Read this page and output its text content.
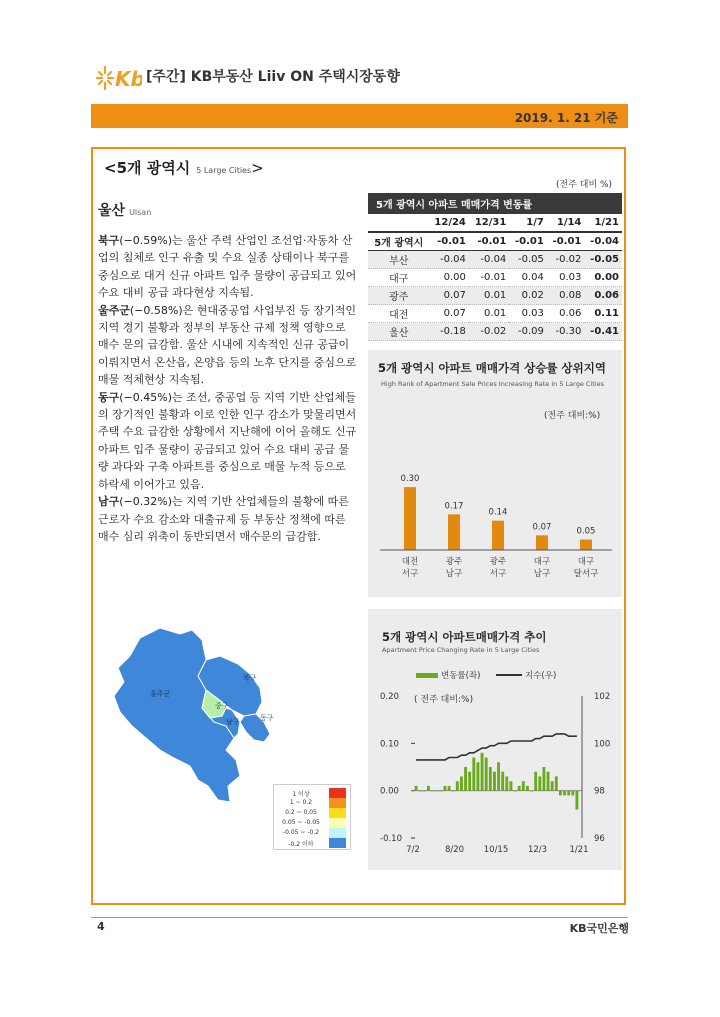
Kb [주간] KB부동산 Liiv ON 주택시장동향
2019. 1. 21 기준
<5개 광역시 5 Large Cities>
울산 Ulsan

북구(−0.59%)는 울산 주력 산업인 조선업·자동차 산업의 침체로 인구 유출 및 수요 실종 상태이나 북구를 중심으로 대거 신규 아파트 입주 물량이 공급되고 있어 수요 대비 공급 과다현상 지속됨.

울주군(−0.58%)은 현대중공업 사업부진 등 장기적인 지역 경기 불황과 정부의 부동산 규제 정책 영향으로 매수 문의 급감함. 울산 시내에 지속적인 신규 공급이 이뤄지면서 온산읍, 온양읍 등의 노후 단지를 중심으로 매물 적체현상 지속됨.

동구(−0.45%)는 조선, 중공업 등 지역 기반 산업체들의 장기적인 불황과 이로 인한 인구 감소가 맞물리면서 주택 수요 급감한 상황에서 지난해에 이어 올해도 신규 아파트 입주 물량이 공급되고 있어 수요 대비 공급 물량 과다와 구축 아파트를 중심으로 매물 누적 등으로 하락세 이어가고 있음.

남구(−0.32%)는 지역 기반 산업체들의 불황에 따른 근로자 수요 감소와 대출규제 등 부동산 정책에 따른 매수 심리 위축이 동반되면서 매수문의 급감함.

(전주 대비 %)
5개 광역시 아파트 매매가격 변동률
	12/24	12/31	1/7	1/14	1/21
5개 광역시	-0.01	-0.01	-0.01	-0.01	-0.04
부산	-0.04	-0.04	-0.05	-0.02	-0.05
대구	0.00	-0.01	0.04	0.03	0.00
광주	0.07	0.01	0.02	0.08	0.06
대전	0.07	0.01	0.03	0.06	0.11
울산	-0.18	-0.02	-0.09	-0.30	-0.41
5개 광역시 아파트 매매가격 상승률 상위지역
High Rank of Apartment Sale Prices Increasing Rate in 5 Large Cities
(전주 대비:%)
0.30
대전
서구
0.17
광주
남구
0.14
광주
서구
0.07
대구
남구
0.05
대구
달서구
5개 광역시 아파트매매가격 추이
Apartment Price Changing Rate in 5 Large Cities
( 전주 대비:%)
변동률(좌)	지수(우)
0.20
0.10
0.00
-0.10
102
100
98
96
7/2	8/20 10/15 12/3	1/21
울주군
중구
북구
남구	동구
1 이상
1 ~ 0.2
0.2 ~ 0.05
0.05 ~ -0.05
-0.05 ~ -0.2
-0.2 이하
4	KB국민은행
